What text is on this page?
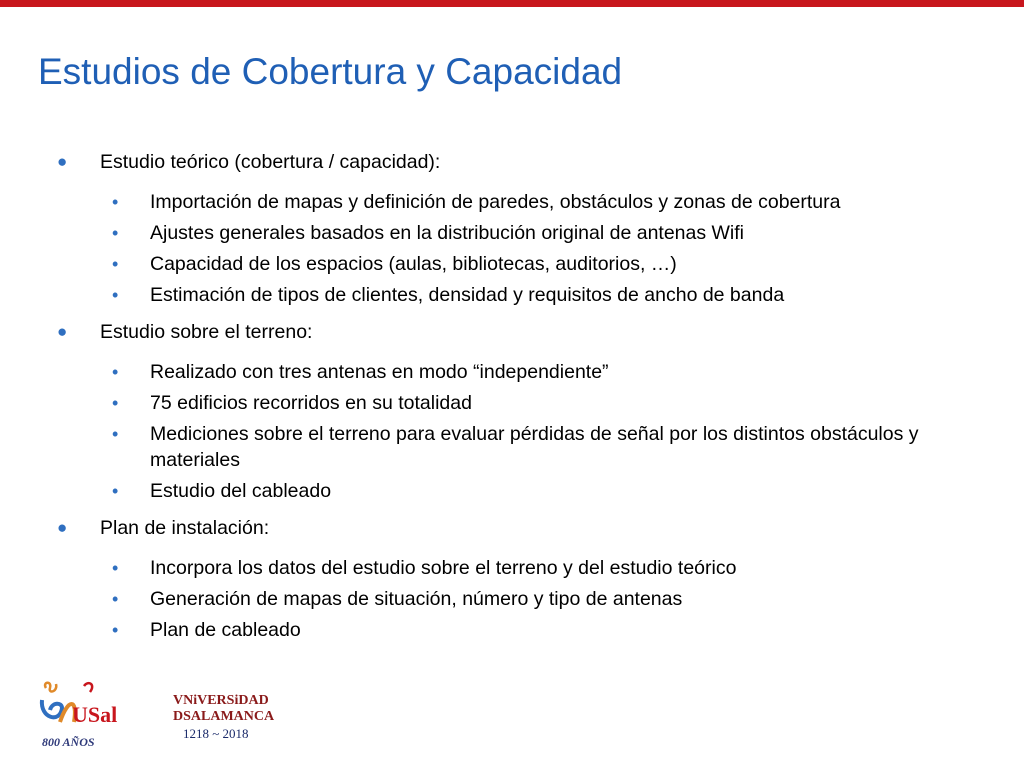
Estudios de Cobertura y Capacidad
● Estudio teórico (cobertura / capacidad):
• Importación de mapas y definición de paredes, obstáculos y zonas de cobertura
• Ajustes generales basados en la distribución original de antenas Wifi
• Capacidad de los espacios (aulas, bibliotecas, auditorios, …)
• Estimación de tipos de clientes, densidad y requisitos de ancho de banda
● Estudio sobre el terreno:
• Realizado con tres antenas en modo “independiente”
• 75 edificios recorridos en su totalidad
• Mediciones sobre el terreno para evaluar pérdidas de señal por los distintos obstáculos y materiales
• Estudio del cableado
● Plan de instalación:
• Incorpora los datos del estudio sobre el terreno y del estudio teórico
• Generación de mapas de situación, número y tipo de antenas
• Plan de cableado
USal
800 AÑOS
VNiVERSiDAD
DSALAMANCA
1218 ~ 2018
